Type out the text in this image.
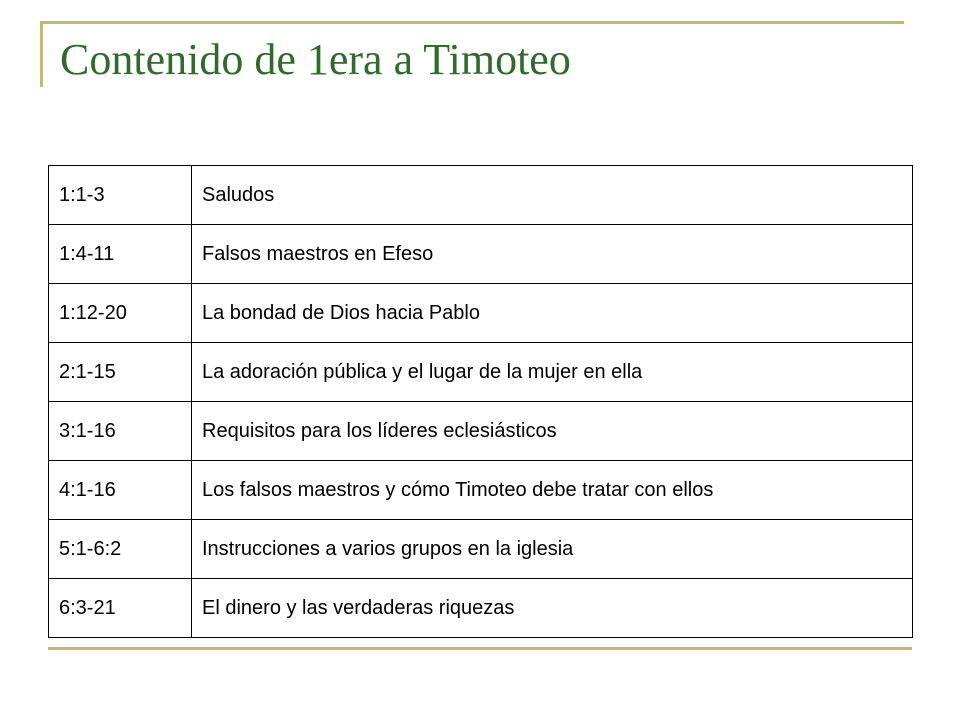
Contenido de 1era a Timoteo
1:1-3	Saludos
1:4-11	Falsos maestros en Efeso
1:12-20	La bondad de Dios hacia Pablo
2:1-15	La adoración pública y el lugar de la mujer en ella
3:1-16	Requisitos para los líderes eclesiásticos
4:1-16	Los falsos maestros y cómo Timoteo debe tratar con ellos
5:1-6:2	Instrucciones a varios grupos en la iglesia
6:3-21	El dinero y las verdaderas riquezas
